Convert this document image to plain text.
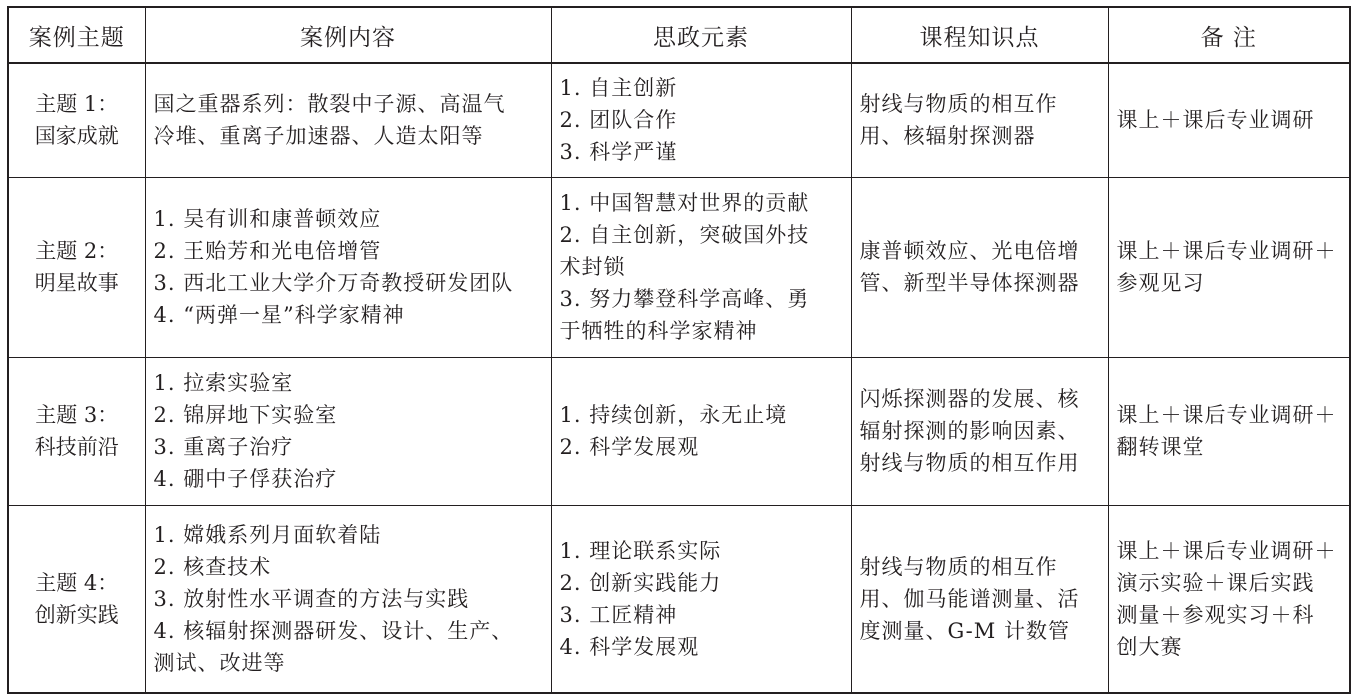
案例主题	案例内容	思政元素	课程知识点	备 注

主题 1：
国家成就	国之重器系列：散裂中子源、高温气
冷堆、重离子加速器、人造太阳等	1. 自主创新
2. 团队合作
3. 科学严谨	射线与物质的相互作
用、核辐射探测器	课上＋课后专业调研

主题 2：
明星故事	1. 吴有训和康普顿效应
2. 王贻芳和光电倍增管
3. 西北工业大学介万奇教授研发团队
4. “两弹一星”科学家精神	1. 中国智慧对世界的贡献
2. 自主创新，突破国外技
术封锁
3. 努力攀登科学高峰、勇
于牺牲的科学家精神	康普顿效应、光电倍增
管、新型半导体探测器	课上＋课后专业调研＋
参观见习

主题 3：
科技前沿	1. 拉索实验室
2. 锦屏地下实验室
3. 重离子治疗
4. 硼中子俘获治疗	1. 持续创新，永无止境
2. 科学发展观	闪烁探测器的发展、核
辐射探测的影响因素、
射线与物质的相互作用	课上＋课后专业调研＋
翻转课堂

主题 4：
创新实践	1. 嫦娥系列月面软着陆
2. 核查技术
3. 放射性水平调查的方法与实践
4. 核辐射探测器研发、设计、生产、
测试、改进等	1. 理论联系实际
2. 创新实践能力
3. 工匠精神
4. 科学发展观	射线与物质的相互作
用、伽马能谱测量、活
度测量、G-M 计数管	课上＋课后专业调研＋
演示实验＋课后实践
测量＋参观实习＋科
创大赛
